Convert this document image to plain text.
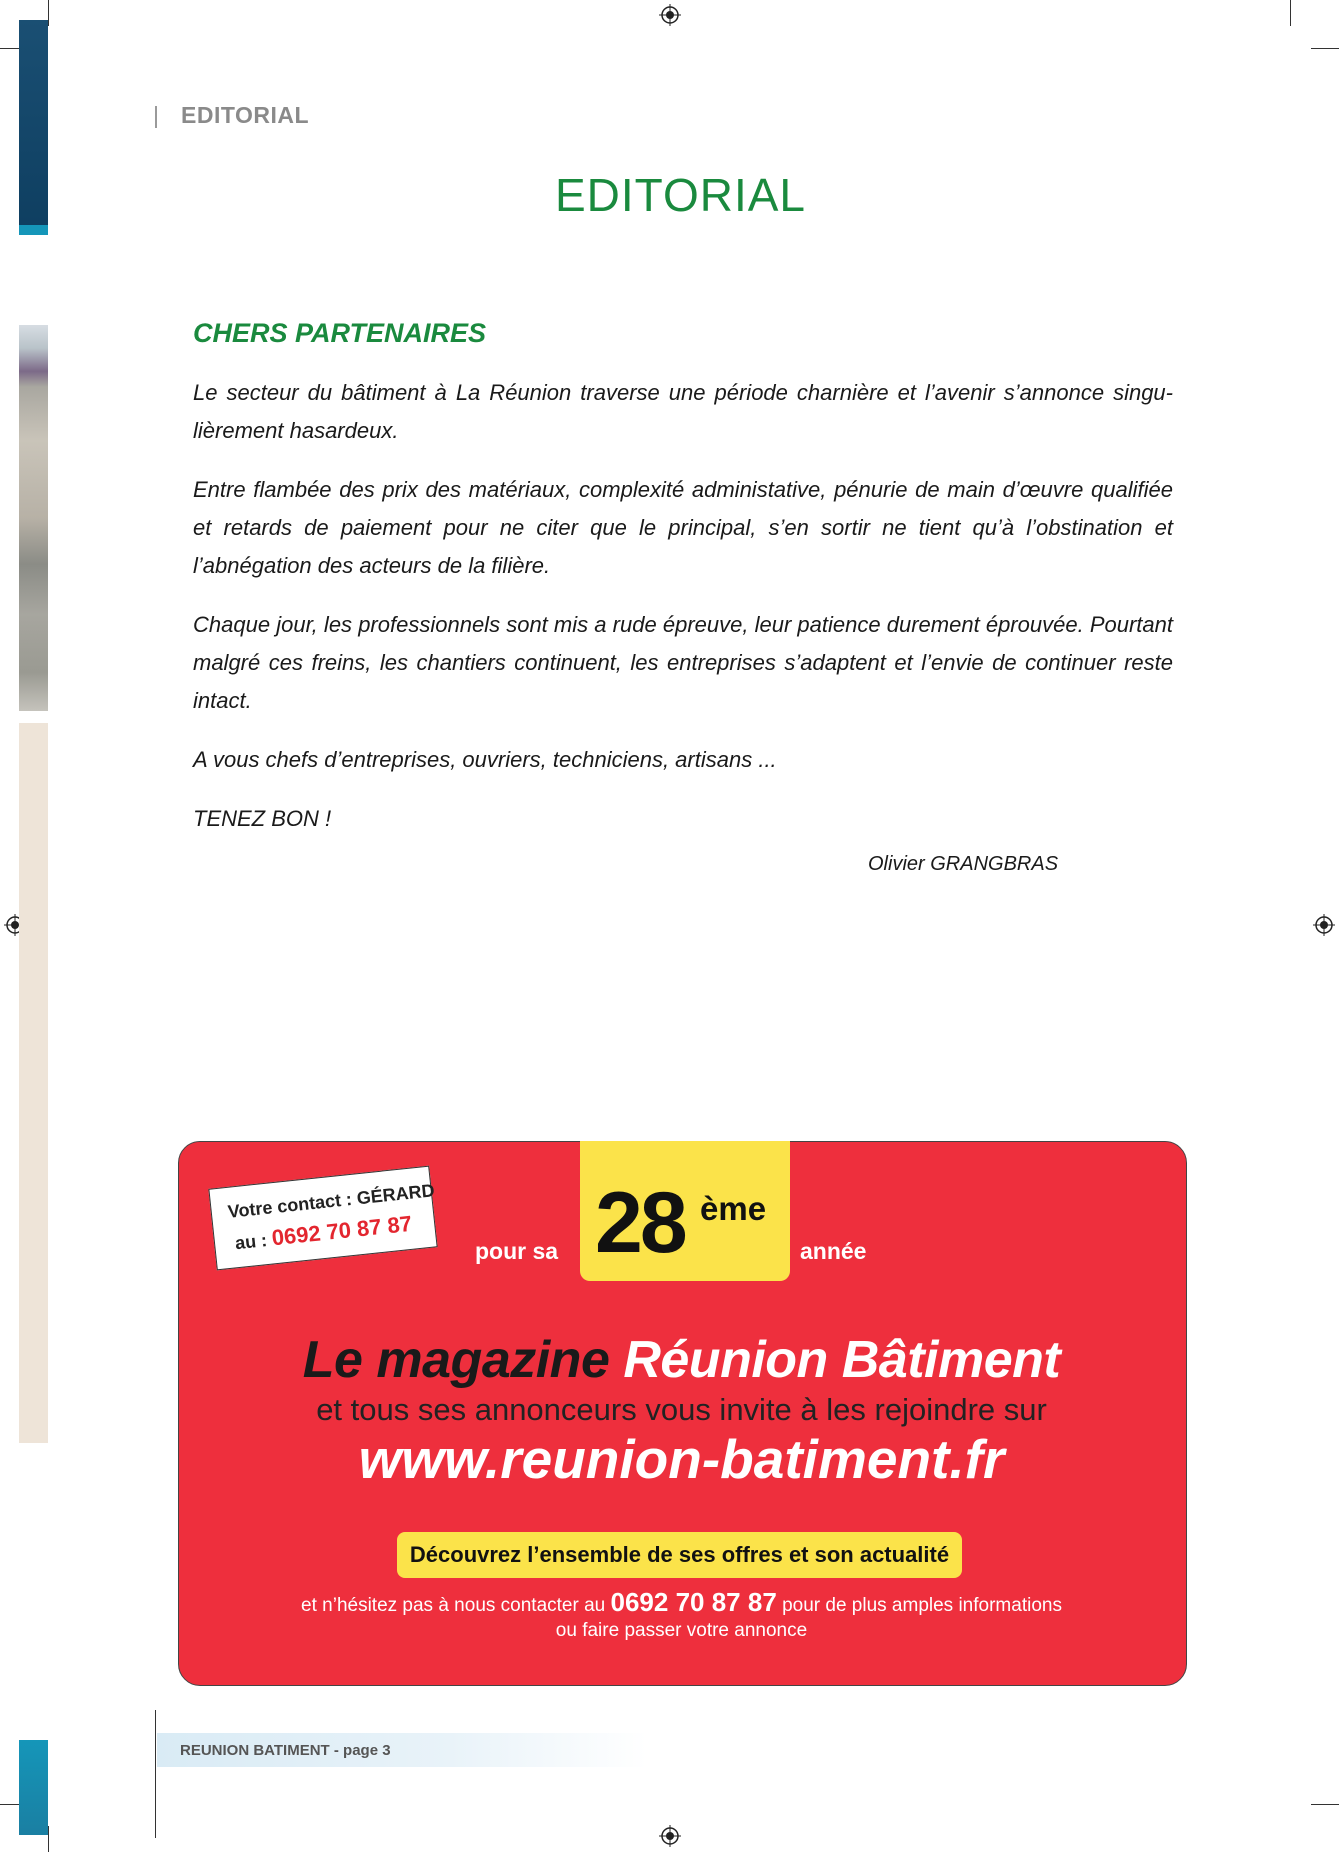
EDITORIAL
EDITORIAL
CHERS PARTENAIRES

Le secteur du bâtiment à La Réunion traverse une période charnière et l’avenir s’annonce singu-lièrement hasardeux.

Entre flambée des prix des matériaux, complexité administative, pénurie de main d’œuvre qualifiée et retards de paiement pour ne citer que le principal, s’en sortir ne tient qu’à l’obstination et l’abnégation des acteurs de la filière.

Chaque jour, les professionnels sont mis a rude épreuve, leur patience durement éprouvée. Pourtant malgré ces freins, les chantiers continuent, les entreprises s’adaptent et l’envie de continuer reste intact.

A vous chefs d’entreprises, ouvriers, techniciens, artisans ...

TENEZ BON !

Olivier GRANGBRAS
Votre contact : GÉRARD
au : 0692 70 87 87
pour sa 28 ème
année
Le magazine Réunion Bâtiment
et tous ses annonceurs vous invite à les rejoindre sur
www.reunion-batiment.fr
Découvrez l’ensemble de ses offres et son actualité
et n’hésitez pas à nous contacter au 0692 70 87 87 pour de plus amples informations
ou faire passer votre annonce
REUNION BATIMENT - page 3
